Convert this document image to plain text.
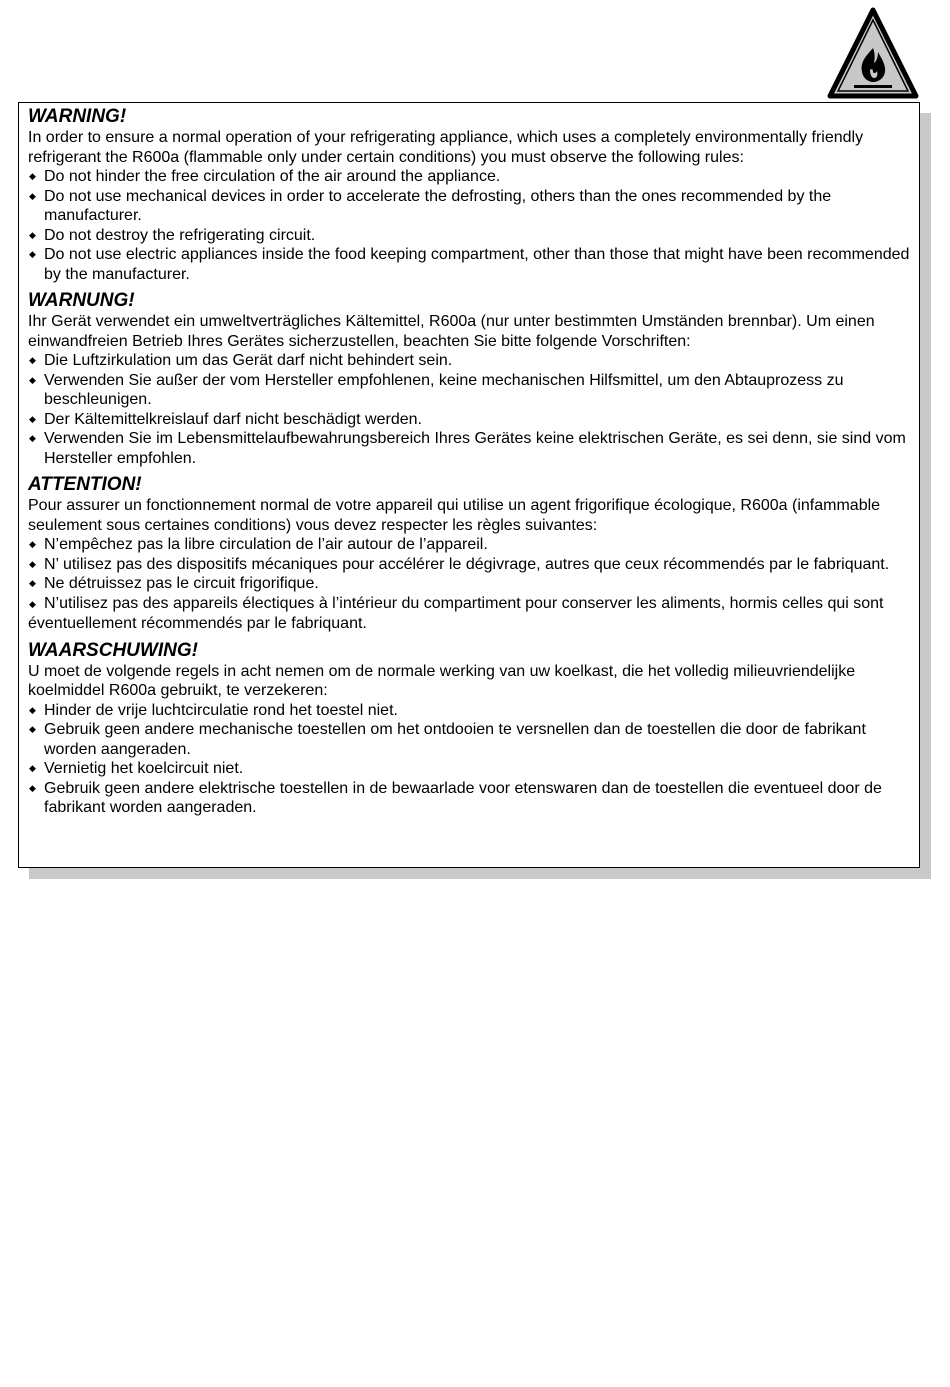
WARNING!

In order to ensure a normal operation of your refrigerating appliance, which uses a completely environmentally friendly refrigerant the R600a (flammable only under certain conditions) you must observe the following rules:

◆ Do not hinder the free circulation of the air around the appliance.
◆ Do not use mechanical devices in order to accelerate the defrosting, others than the ones recommended by the manufacturer.
◆ Do not destroy the refrigerating circuit.
◆ Do not use electric appliances inside the food keeping compartment, other than those that might have been recommended by the manufacturer.
WARNUNG!

Ihr Gerät verwendet ein umweltverträgliches Kältemittel, R600a (nur unter bestimmten Umständen brennbar). Um einen einwandfreien Betrieb Ihres Gerätes sicherzustellen, beachten Sie bitte folgende Vorschriften:

◆ Die Luftzirkulation um das Gerät darf nicht behindert sein.
◆ Verwenden Sie außer der vom Hersteller empfohlenen, keine mechanischen Hilfsmittel, um den Abtauprozess zu beschleunigen.
◆ Der Kältemittelkreislauf darf nicht beschädigt werden.
◆ Verwenden Sie im Lebensmittelaufbewahrungsbereich Ihres Gerätes keine elektrischen Geräte, es sei denn, sie sind vom Hersteller empfohlen.
ATTENTION!

Pour assurer un fonctionnement normal de votre appareil qui utilise un agent frigorifique écologique, R600a (infammable seulement sous certaines conditions) vous devez respecter les règles suivantes:

◆ N’empêchez pas la libre circulation de l’air autour de l’appareil.
◆ N’ utilisez pas des dispositifs mécaniques pour accélérer le dégivrage, autres que ceux récommendés par le fabriquant.
◆ Ne détruissez pas le circuit frigorifique.
◆ N’utilisez pas des appareils électiques à l’intérieur du compartiment pour conserver les aliments, hormis celles qui sont éventuellement récommendés par le fabriquant.
WAARSCHUWING!

U moet de volgende regels in acht nemen om de normale werking van uw koelkast, die het volledig milieuvriendelijke koelmiddel R600a gebruikt, te verzekeren:

◆ Hinder de vrije luchtcirculatie rond het toestel niet.
◆ Gebruik geen andere mechanische toestellen om het ontdooien te versnellen dan de toestellen die door de fabrikant worden aangeraden.
◆ Vernietig het koelcircuit niet.
◆ Gebruik geen andere elektrische toestellen in de bewaarlade voor etenswaren dan de toestellen die eventueel door de fabrikant worden aangeraden.
